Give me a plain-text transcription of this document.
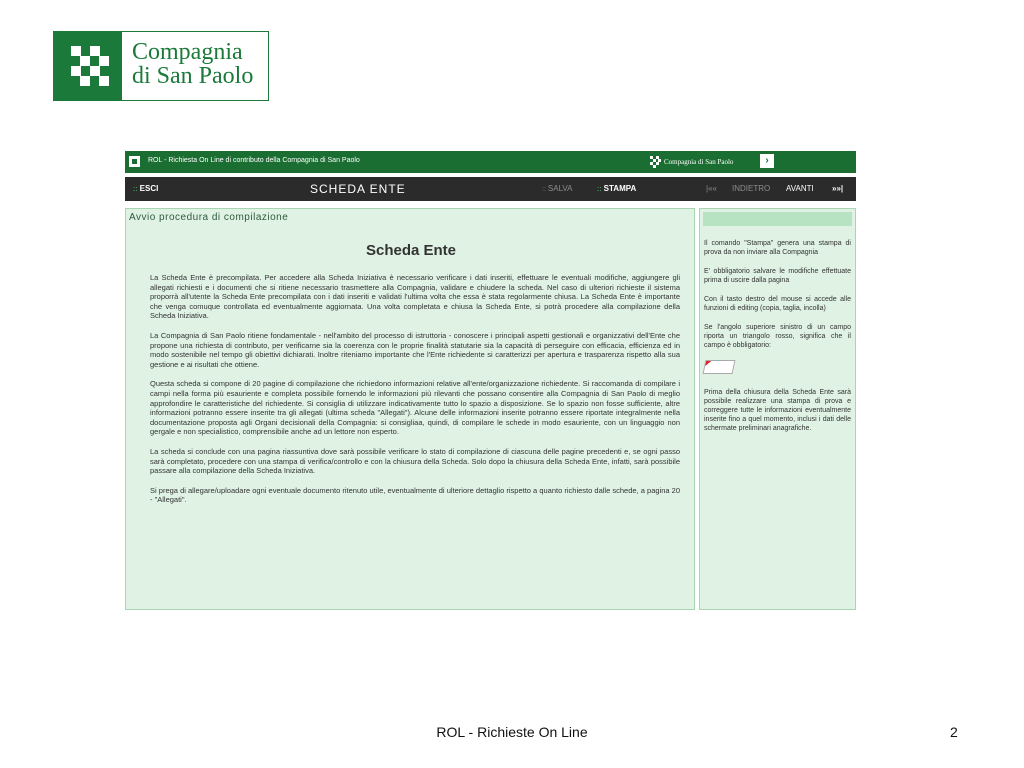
Compagnia
di San Paolo
ROL - Richiesta On Line di contributo della Compagnia di San Paolo	Compagnia di San Paolo	›
:: ESCI	SCHEDA ENTE	:: SALVA	:: STAMPA	|«« INDIETRO AVANTI »»|
Avvio procedura di compilazione
Scheda Ente

La Scheda Ente è precompilata. Per accedere alla Scheda Iniziativa è necessario verificare i dati inseriti, effettuare le eventuali modifiche, aggiungere gli allegati richiesti e i documenti che si ritiene necessario trasmettere alla Compagnia, validare e chiudere la scheda. Nel caso di ulteriori richieste il sistema proporrà all'utente la Scheda Ente precompilata con i dati inseriti e validati l'ultima volta che essa è stata regolarmente chiusa. La Scheda Ente è importante che venga comuque controllata ed eventualmente aggiornata. Una volta completata e chiusa la Scheda Ente, si potrà procedere alla compilazione della Scheda Iniziativa.

La Compagnia di San Paolo ritiene fondamentale - nell'ambito del processo di istruttoria - conoscere i principali aspetti gestionali e organizzativi dell'Ente che propone una richiesta di contributo, per verificarne sia la coerenza con le proprie finalità statutarie sia la capacità di perseguire con efficacia, efficienza ed in modo sostenibile nel tempo gli obiettivi dichiarati. Inoltre riteniamo importante che l'Ente richiedente si caratterizzi per apertura e trasparenza rispetto alla sua gestione e ai risultati che ottiene.

Questa scheda si compone di 20 pagine di compilazione che richiedono informazioni relative all'ente/organizzazione richiedente. Si raccomanda di compilare i campi nella forma più esauriente e completa possibile fornendo le informazioni più rilevanti che possano consentire alla Compagnia di San Paolo di meglio approfondire le caratteristiche del richiedente. Si consiglia di utilizzare indicativamente tutto lo spazio a disposizione. Se lo spazio non fosse sufficiente, altre informazioni potranno essere inserite tra gli allegati (ultima scheda "Allegati"). Alcune delle informazioni inserite potranno essere riportate integralmente nella documentazione proposta agli Organi decisionali della Compagnia: si consigliaa, quindi, di compilare le schede in modo esauriente, con un linguaggio non gergale e non specialistico, comprensibile anche ad un lettore non esperto.

La scheda si conclude con una pagina riassuntiva dove sarà possibile verificare lo stato di compilazione di ciascuna delle pagine precedenti e, se ogni passo sarà completato, procedere con una stampa di verifica/controllo e con la chiusura della Scheda. Solo dopo la chiusura della Scheda Ente, infatti, sarà possibile passare alla compilazione della Scheda Iniziativa.

Si prega di allegare/uploadare ogni eventuale documento ritenuto utile, eventualmente di ulteriore dettaglio rispetto a quanto richiesto dalle schede, a pagina 20 - "Allegati".

Il comando "Stampa" genera una stampa di prova da non inviare alla Compagnia

E' obbligatorio salvare le modifiche effettuate prima di uscire dalla pagina

Con il tasto destro del mouse si accede alle funzioni di editing (copia, taglia, incolla)

Se l'angolo superiore sinistro di un campo riporta un triangolo rosso, significa che il campo è obbligatorio:

Prima della chiusura della Scheda Ente sarà possibile realizzare una stampa di prova e correggere tutte le informazioni eventualmente inserite fino a quel momento, inclusi i dati delle schermate preliminari anagrafiche.

ROL - Richieste On Line	2
